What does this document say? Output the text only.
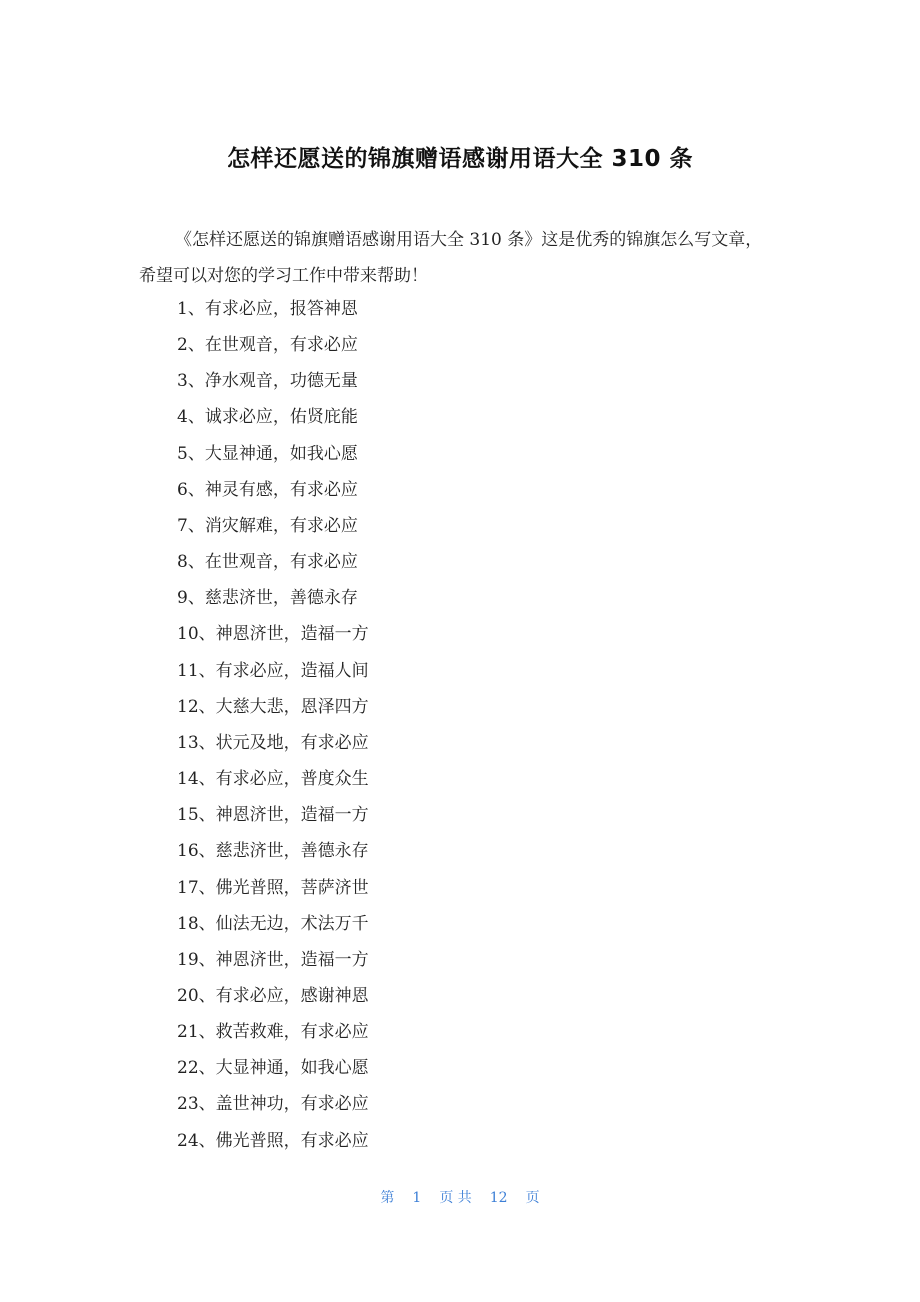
怎样还愿送的锦旗赠语感谢用语大全 310 条
《怎样还愿送的锦旗赠语感谢用语大全 310 条》这是优秀的锦旗怎么写文章，希望可以对您的学习工作中带来帮助！
1、有求必应，报答神恩
2、在世观音，有求必应
3、净水观音，功德无量
4、诚求必应，佑贤庇能
5、大显神通，如我心愿
6、神灵有感，有求必应
7、消灾解难，有求必应
8、在世观音，有求必应
9、慈悲济世，善德永存
10、神恩济世，造福一方
11、有求必应，造福人间
12、大慈大悲，恩泽四方
13、状元及地，有求必应
14、有求必应，普度众生
15、神恩济世，造福一方
16、慈悲济世，善德永存
17、佛光普照，菩萨济世
18、仙法无边，术法万千
19、神恩济世，造福一方
20、有求必应，感谢神恩
21、救苦救难，有求必应
22、大显神通，如我心愿
23、盖世神功，有求必应
24、佛光普照，有求必应
第 1 页 共 12 页
